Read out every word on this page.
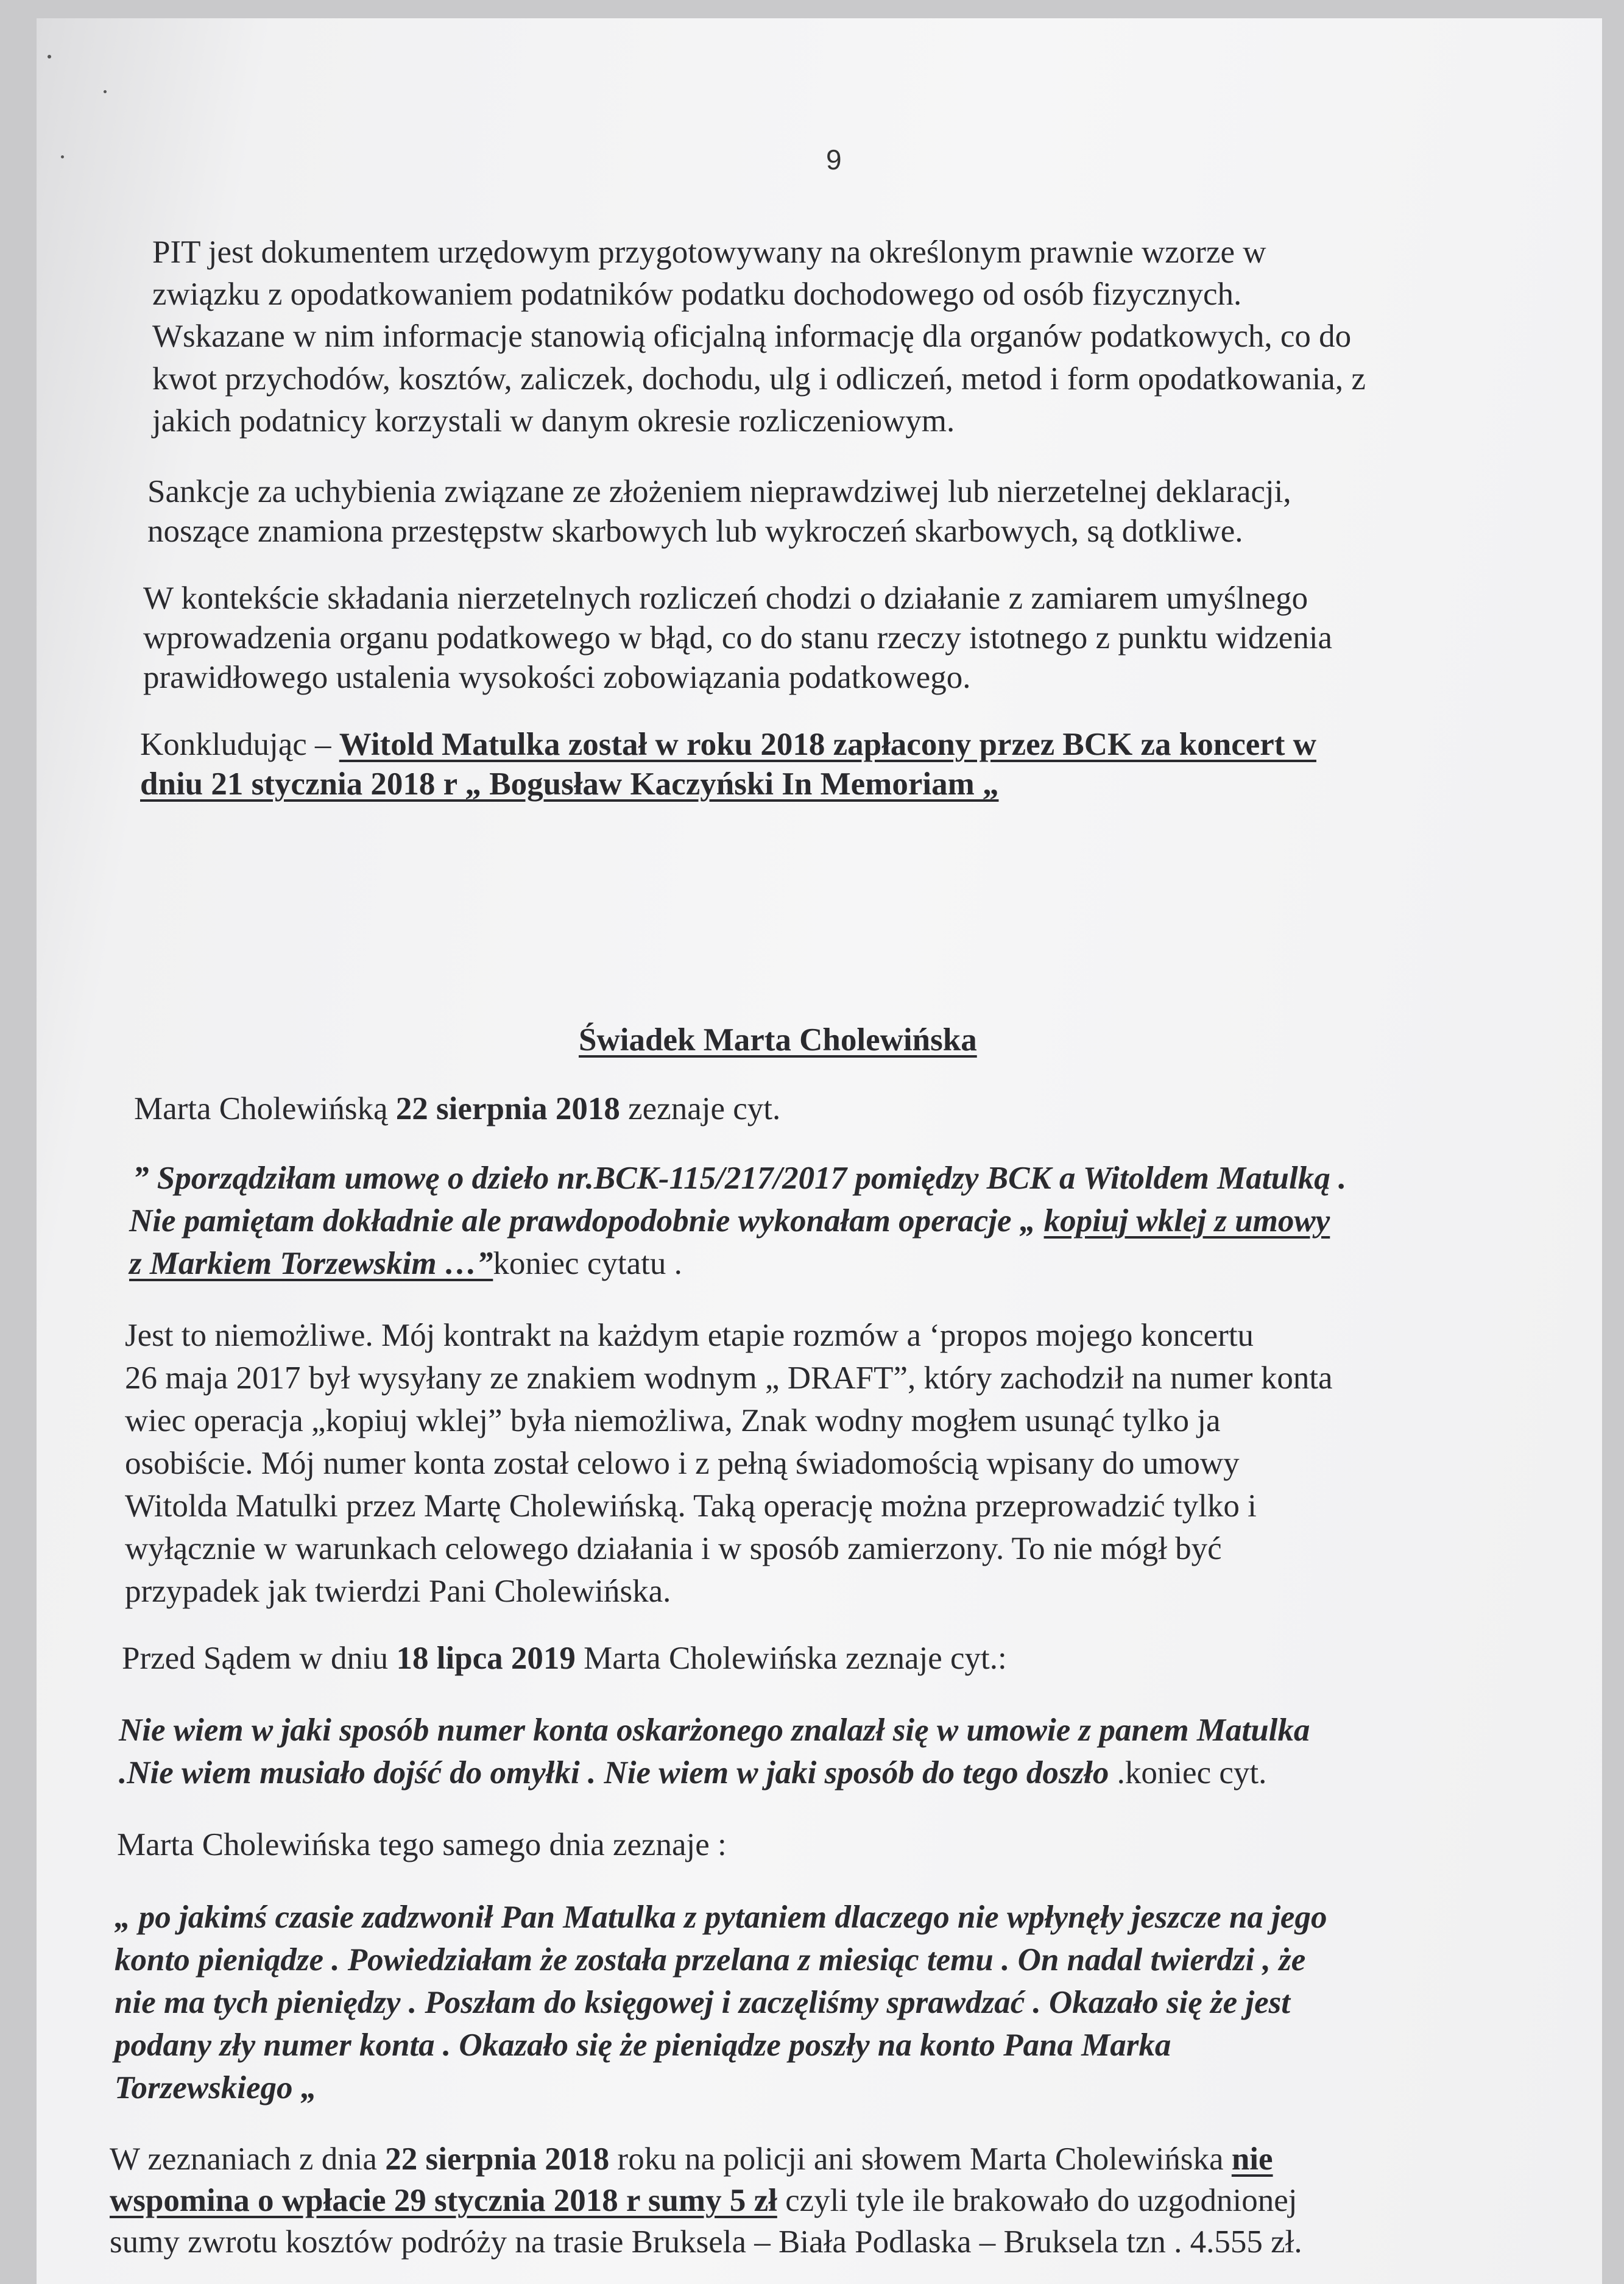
9
PIT jest dokumentem urzędowym przygotowywany na określonym prawnie wzorze w
związku z opodatkowaniem podatników podatku dochodowego od osób fizycznych.
Wskazane w nim informacje stanowią oficjalną informację dla organów podatkowych, co do
kwot przychodów, kosztów, zaliczek, dochodu, ulg i odliczeń, metod i form opodatkowania, z
jakich podatnicy korzystali w danym okresie rozliczeniowym.
Sankcje za uchybienia związane ze złożeniem nieprawdziwej lub nierzetelnej deklaracji,
noszące znamiona przestępstw skarbowych lub wykroczeń skarbowych, są dotkliwe.
W kontekście składania nierzetelnych rozliczeń chodzi o działanie z zamiarem umyślnego
wprowadzenia organu podatkowego w błąd, co do stanu rzeczy istotnego z punktu widzenia
prawidłowego ustalenia wysokości zobowiązania podatkowego.
Konkludując – Witold Matulka został w roku 2018 zapłacony przez BCK za koncert w
dniu 21 stycznia 2018 r „ Bogusław Kaczyński In Memoriam „
Świadek Marta Cholewińska
Marta Cholewińską 22 sierpnia 2018 zeznaje cyt.
” Sporządziłam umowę o dzieło nr.BCK-115/217/2017 pomiędzy BCK a Witoldem Matulką .
Nie pamiętam dokładnie ale prawdopodobnie wykonałam operacje „ kopiuj wklej z umowy
z Markiem Torzewskim …”koniec cytatu .
Jest to niemożliwe. Mój kontrakt na każdym etapie rozmów a ‘propos mojego koncertu
26 maja 2017 był wysyłany ze znakiem wodnym „ DRAFT”, który zachodził na numer konta
wiec operacja „kopiuj wklej” była niemożliwa, Znak wodny mogłem usunąć tylko ja
osobiście. Mój numer konta został celowo i z pełną świadomością wpisany do umowy
Witolda Matulki przez Martę Cholewińską. Taką operację można przeprowadzić tylko i
wyłącznie w warunkach celowego działania i w sposób zamierzony. To nie mógł być
przypadek jak twierdzi Pani Cholewińska.
Przed Sądem w dniu 18 lipca 2019 Marta Cholewińska zeznaje cyt.:
Nie wiem w jaki sposób numer konta oskarżonego znalazł się w umowie z panem Matulka
.Nie wiem musiało dojść do omyłki . Nie wiem w jaki sposób do tego doszło .koniec cyt.
Marta Cholewińska tego samego dnia zeznaje :
„ po jakimś czasie zadzwonił Pan Matulka z pytaniem dlaczego nie wpłynęły jeszcze na jego
konto pieniądze . Powiedziałam że została przelana z miesiąc temu . On nadal twierdzi , że
nie ma tych pieniędzy . Poszłam do księgowej i zaczęliśmy sprawdzać . Okazało się że jest
podany zły numer konta . Okazało się że pieniądze poszły na konto Pana Marka
Torzewskiego „
W zeznaniach z dnia 22 sierpnia 2018 roku na policji ani słowem Marta Cholewińska nie
wspomina o wpłacie 29 stycznia 2018 r sumy 5 zł czyli tyle ile brakowało do uzgodnionej
sumy zwrotu kosztów podróży na trasie Bruksela – Biała Podlaska – Bruksela tzn . 4.555 zł.
